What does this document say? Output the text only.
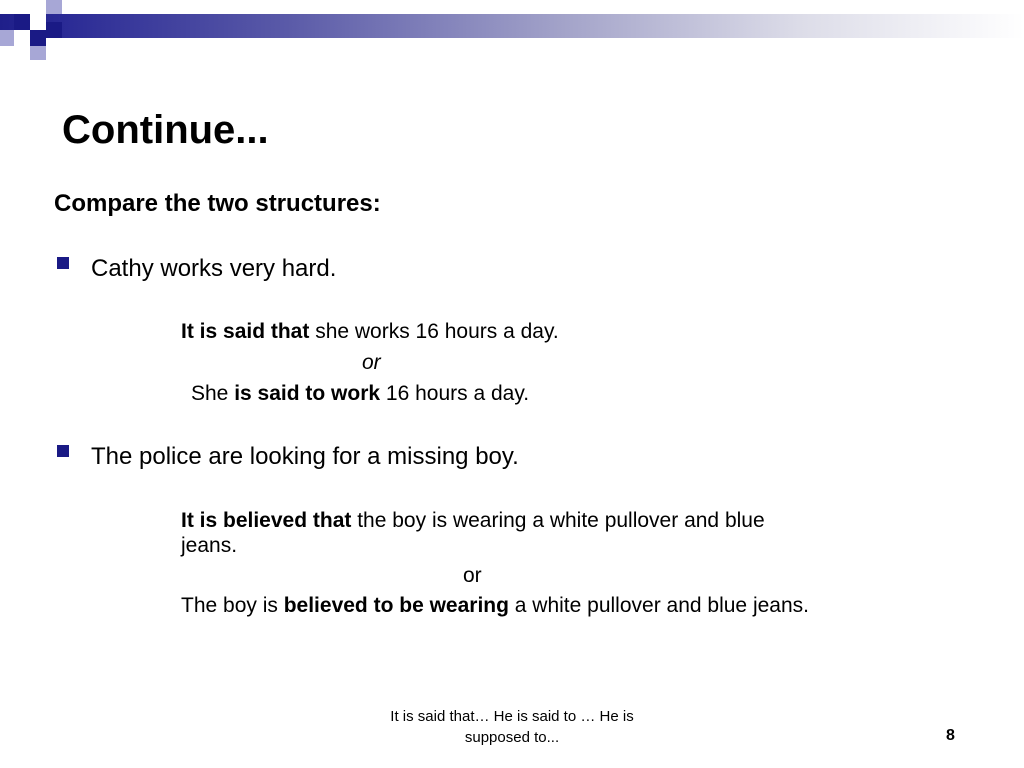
Continue...
Compare the two structures:
Cathy works very hard.
It is said that she works 16 hours a day.
or
She is said to work 16 hours a day.
The police are looking for a missing boy.
It is believed that the boy is wearing a white pullover and blue
jeans.
or
The boy is believed to be wearing a white pullover and blue jeans.
It is said that… He is said to … He is supposed to...	8
